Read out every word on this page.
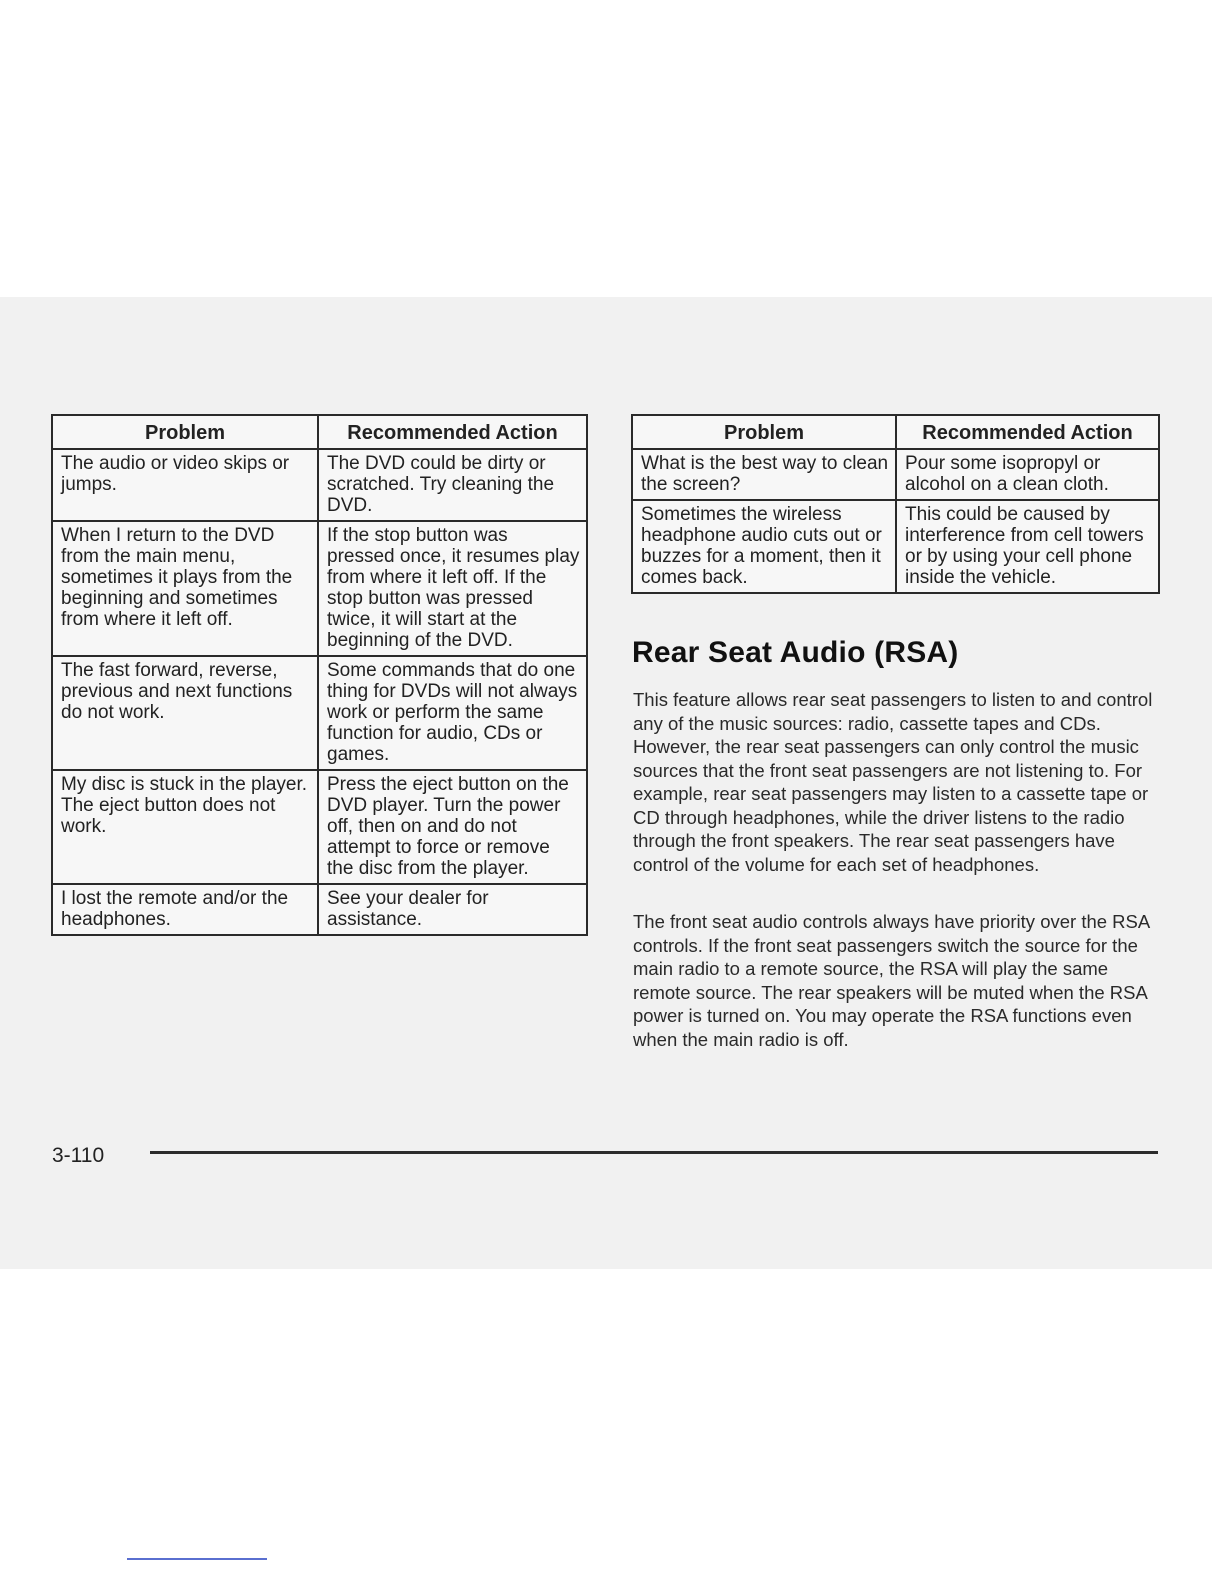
Problem	Recommended Action
The audio or video skips or jumps.	The DVD could be dirty or scratched. Try cleaning the DVD.
When I return to the DVD from the main menu, sometimes it plays from the beginning and sometimes from where it left off.	If the stop button was pressed once, it resumes play from where it left off. If the stop button was pressed twice, it will start at the beginning of the DVD.
The fast forward, reverse, previous and next functions do not work.	Some commands that do one thing for DVDs will not always work or perform the same function for audio, CDs or games.
My disc is stuck in the player. The eject button does not work.	Press the eject button on the DVD player. Turn the power off, then on and do not attempt to force or remove the disc from the player.
I lost the remote and/or the headphones.	See your dealer for assistance.
Problem	Recommended Action
What is the best way to clean the screen?	Pour some isopropyl or alcohol on a clean cloth.
Sometimes the wireless headphone audio cuts out or buzzes for a moment, then it comes back.	This could be caused by interference from cell towers or by using your cell phone inside the vehicle.
Rear Seat Audio (RSA)

This feature allows rear seat passengers to listen to and control any of the music sources: radio, cassette tapes and CDs. However, the rear seat passengers can only control the music sources that the front seat passengers are not listening to. For example, rear seat passengers may listen to a cassette tape or CD through headphones, while the driver listens to the radio through the front speakers. The rear seat passengers have control of the volume for each set of headphones.

The front seat audio controls always have priority over the RSA controls. If the front seat passengers switch the source for the main radio to a remote source, the RSA will play the same remote source. The rear speakers will be muted when the RSA power is turned on. You may operate the RSA functions even when the main radio is off.

3-110
